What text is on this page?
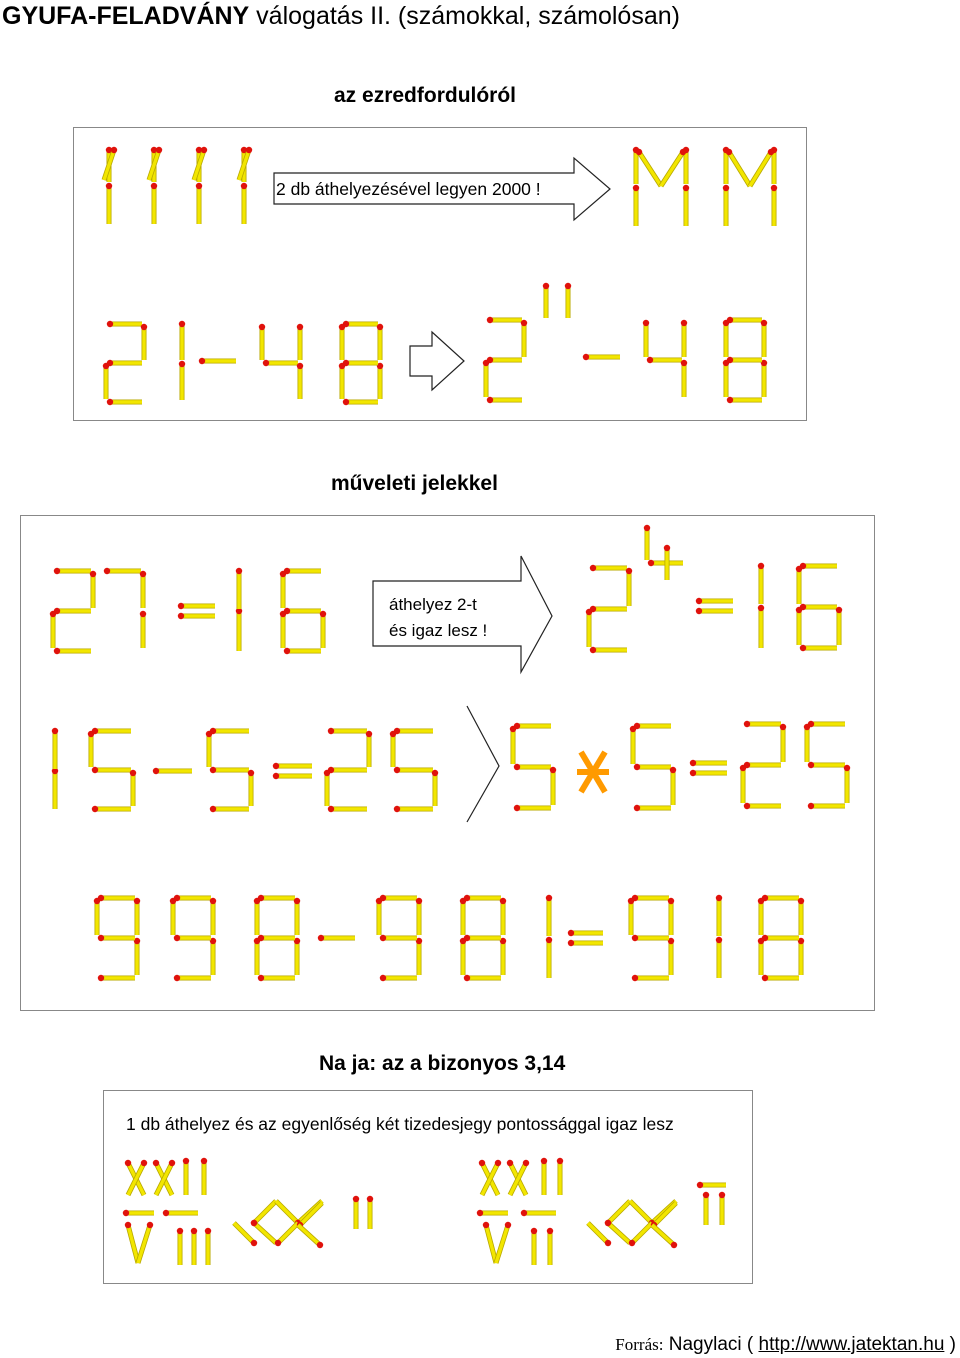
GYUFA-FELADVÁNY válogatás II. (számokkal, számolósan)
az ezredfordulóról
2 db áthelyezésével legyen 2000 !
műveleti jelekkel
áthelyez 2-t
és igaz lesz !
Na ja: az a bizonyos 3,14
1 db áthelyez és az egyenlőség két tizedesjegy pontossággal igaz lesz
Forrás: Nagylaci ( http://www.jatektan.hu )
